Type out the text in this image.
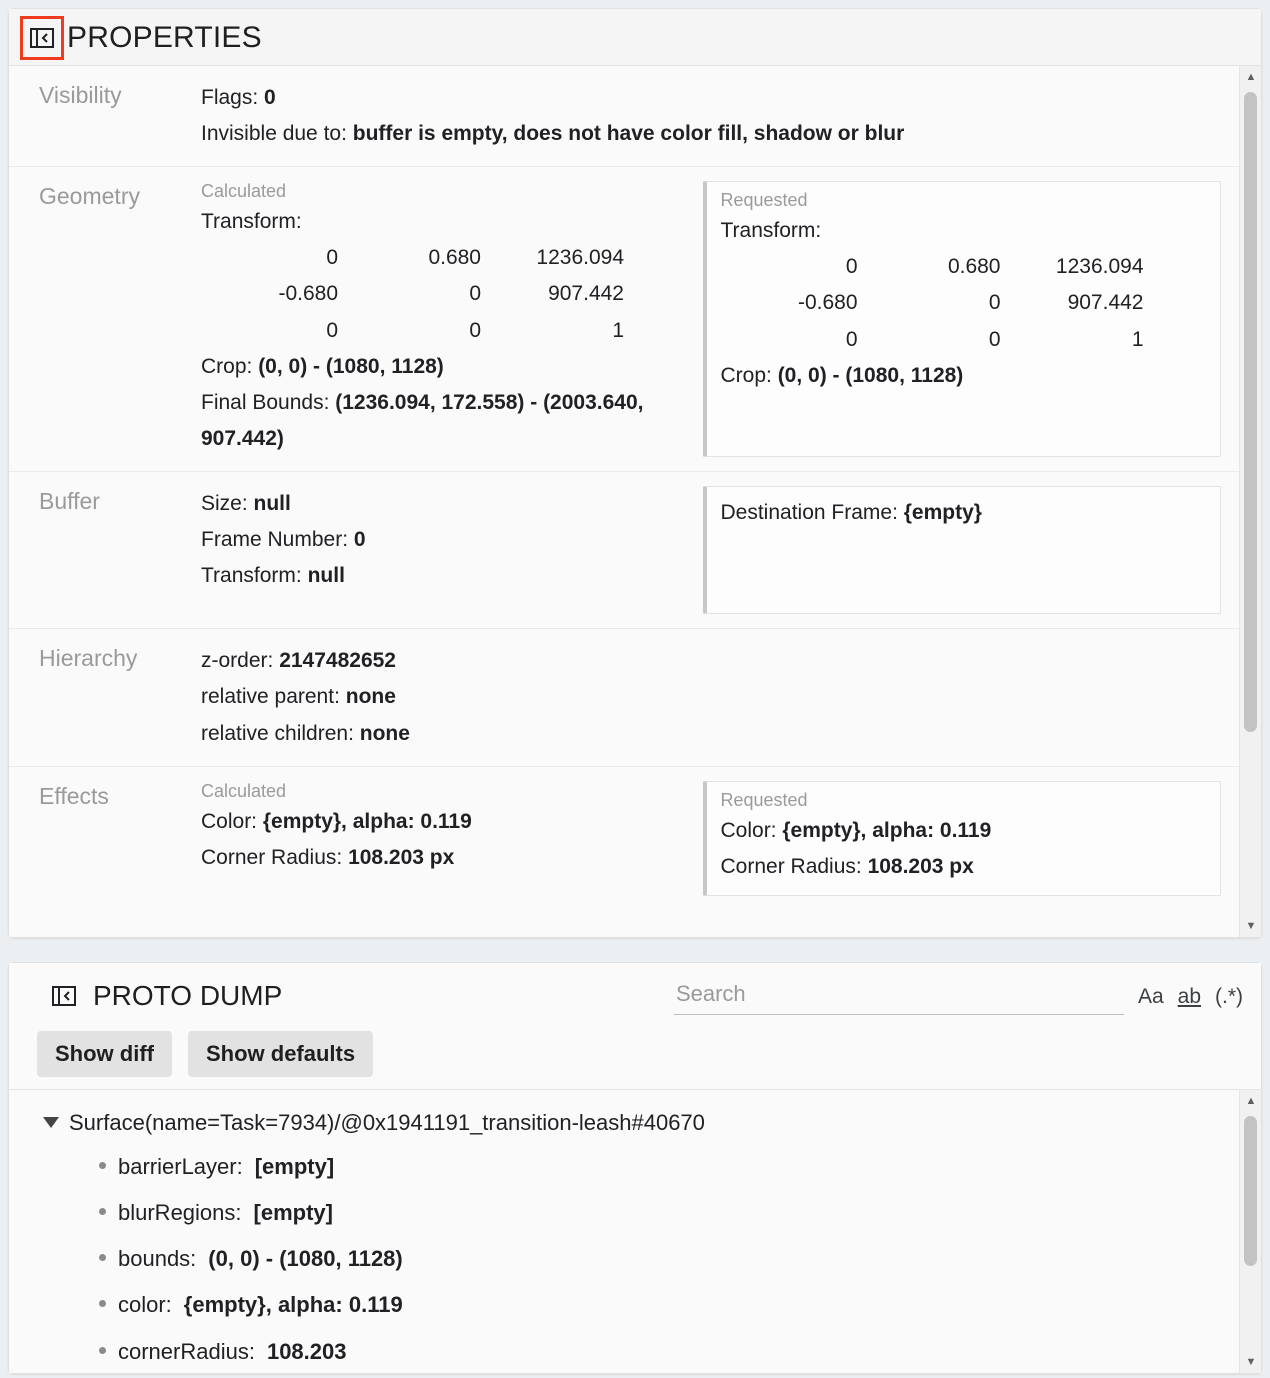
PROPERTIES
Visibility	Flags: 0
Invisible due to: buffer is empty, does not have color fill, shadow or blur
Geometry	Calculated
Transform:
0	0.680	1236.094
-0.680	0	907.442
0	0	1
Crop: (0, 0) - (1080, 1128)
Final Bounds: (1236.094, 172.558) - (2003.640, 907.442)
Requested
Transform:
0	0.680	1236.094
-0.680	0	907.442
0	0	1
Crop: (0, 0) - (1080, 1128)
Buffer	Size: null
Frame Number: 0
Transform: null
Destination Frame: {empty}

Hierarchy	z-order: 2147482652
relative parent: none
relative children: none
Effects	Calculated
Color: {empty}, alpha: 0.119
Corner Radius: 108.203 px
Requested
Color: {empty}, alpha: 0.119
Corner Radius: 108.203 px
▲
▼
PROTO DUMP
Search	Aa ab (.*)
Show diff	Show defaults
Surface(name=Task=7934)/@0x1941191_transition-leash#40670
barrierLayer: [empty]
blurRegions: [empty]
bounds: (0, 0) - (1080, 1128)
color: {empty}, alpha: 0.119
cornerRadius: 108.203
▲
▼
